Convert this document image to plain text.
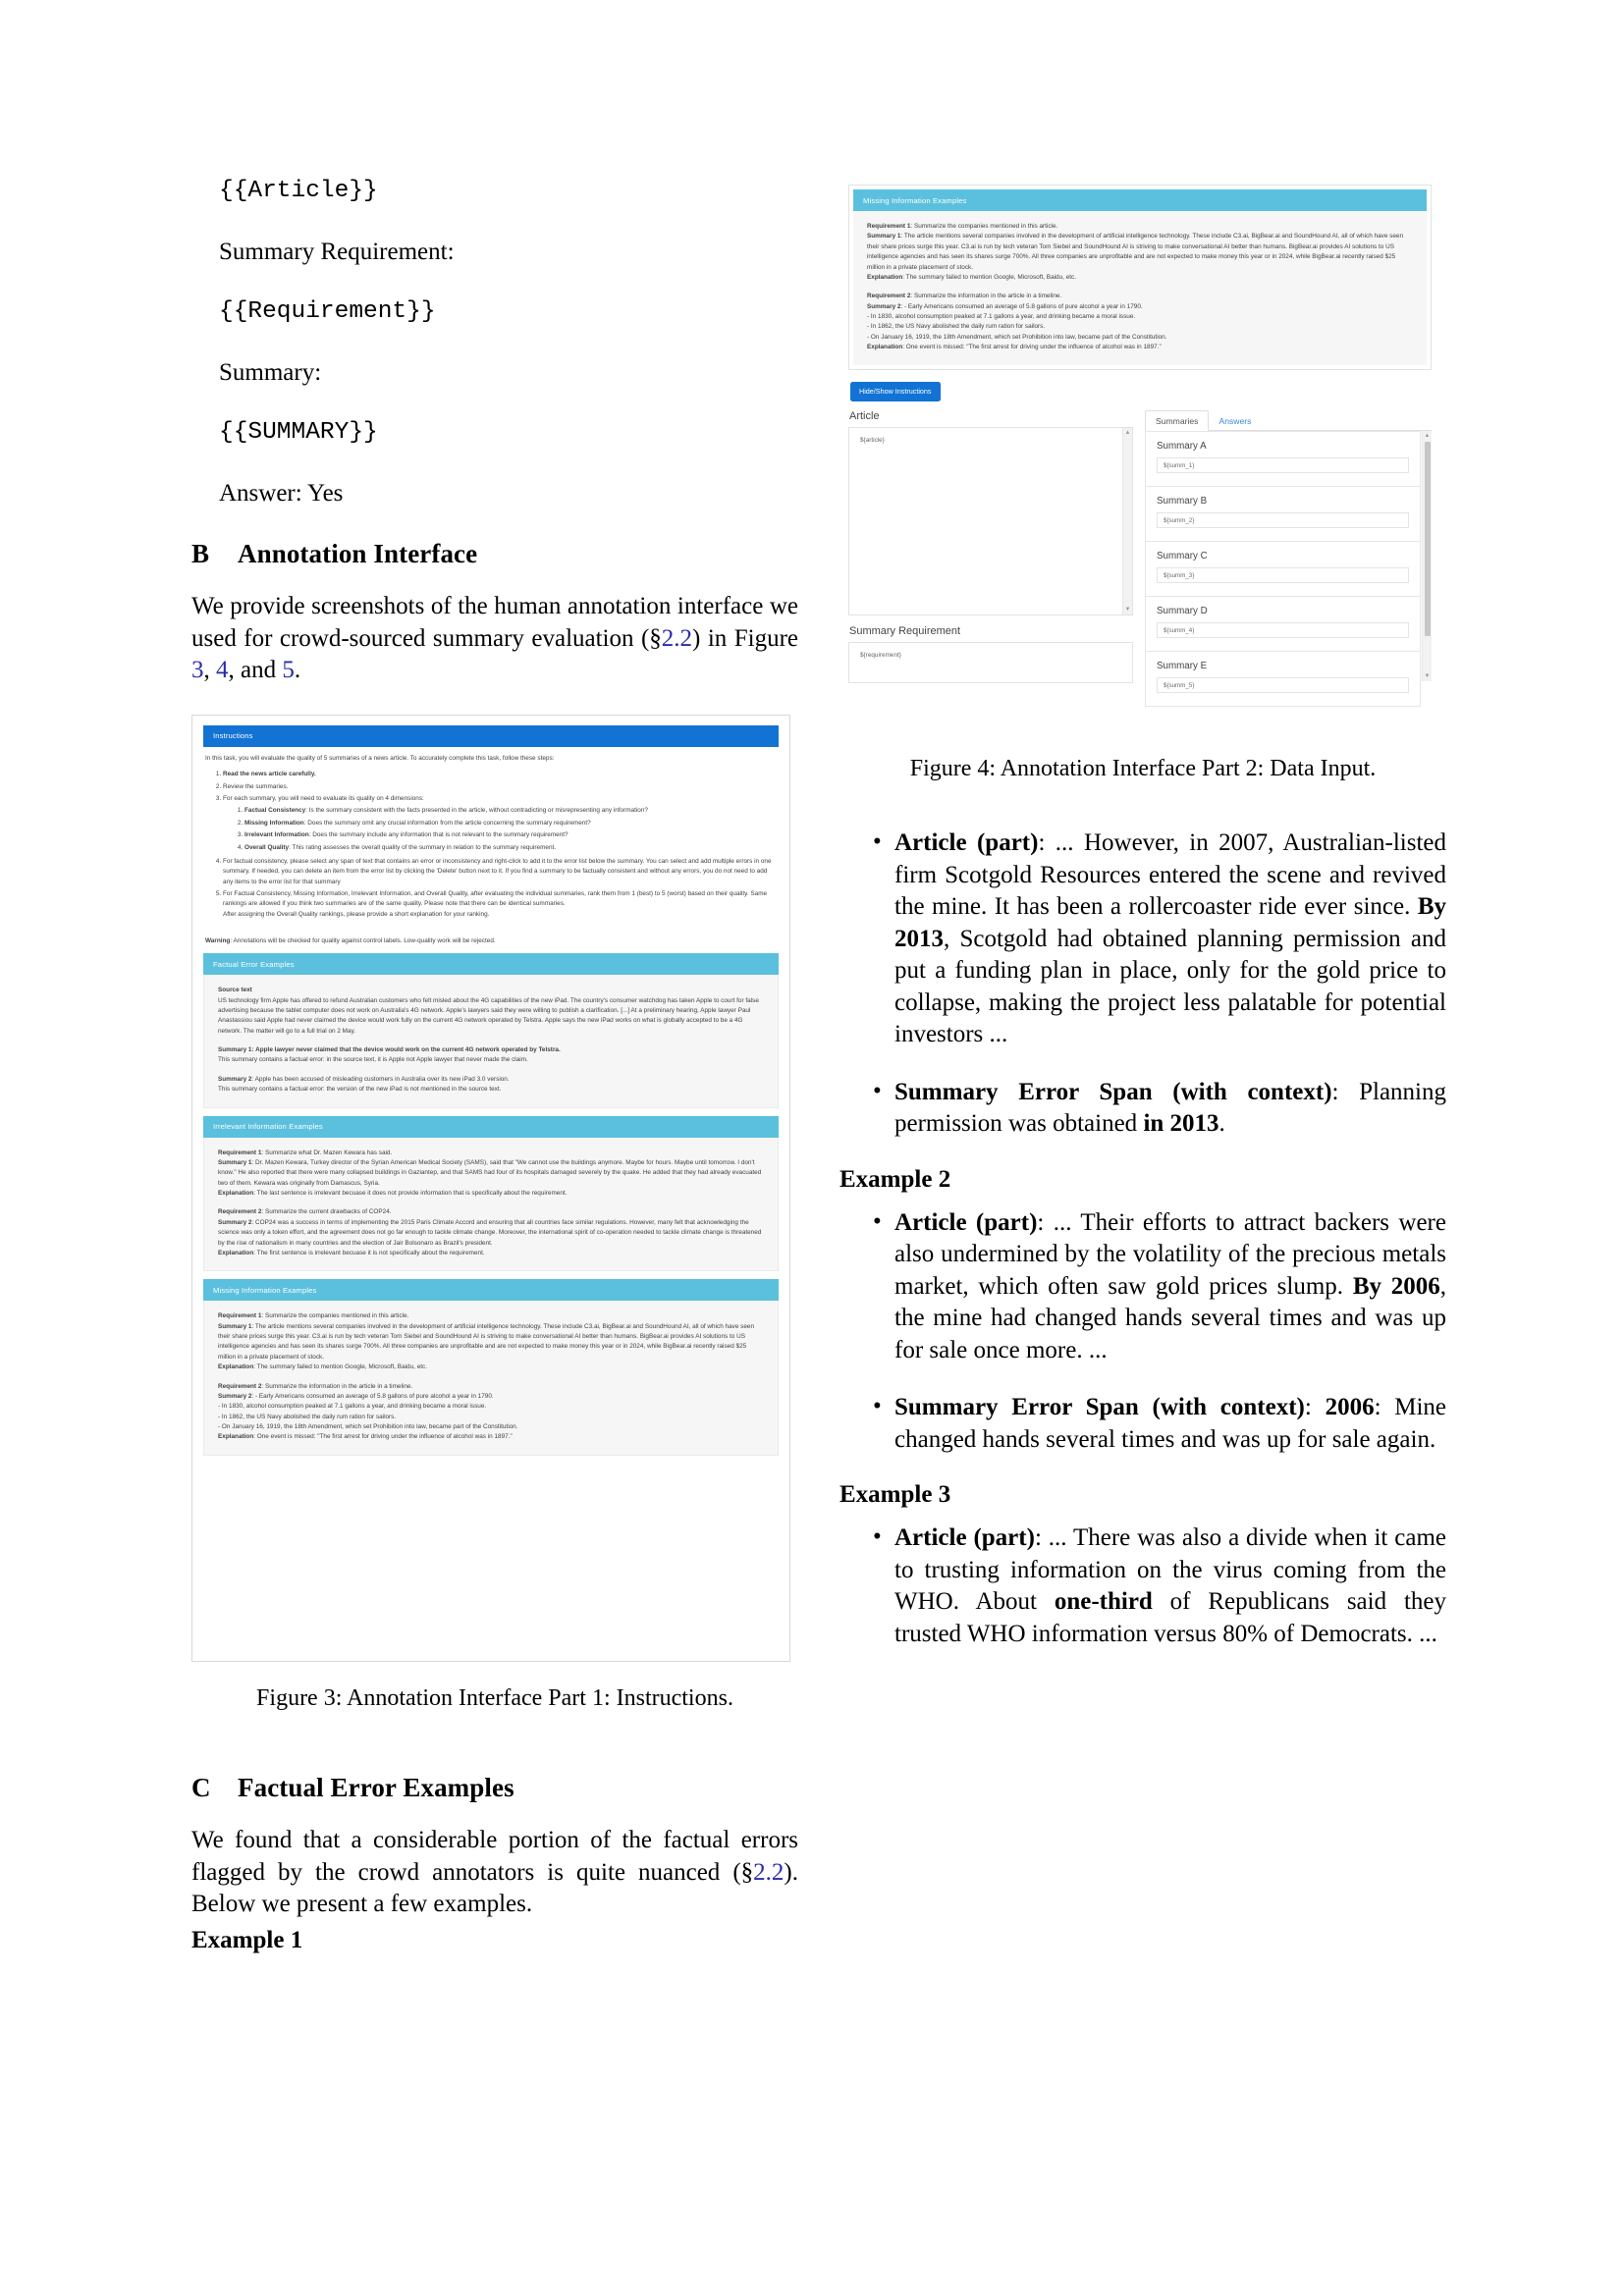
{{Article}}
Summary Requirement:
{{Requirement}}
Summary:
{{SUMMARY}}
Answer: Yes
B Annotation Interface

We provide screenshots of the human annotation interface we used for crowd-sourced summary evaluation (§2.2) in Figure 3, 4, and 5.

Instructions

In this task, you will evaluate the quality of 5 summaries of a news article. To accurately complete this task, follow these steps:

1. Read the news article carefully.
2. Review the summaries.
3. For each summary, you will need to evaluate its quality on 4 dimensions:
1. Factual Consistency: Is the summary consistent with the facts presented in the article, without contradicting or misrepresenting any information?
2. Missing Information: Does the summary omit any crucial information from the article concerning the summary requirement?
3. Irrelevant Information: Does the summary include any information that is not relevant to the summary requirement?
4. Overall Quality: This rating assesses the overall quality of the summary in relation to the summary requirement.
4. For factual consistency, please select any span of text that contains an error or inconsistency and right-click to add it to the error list below the summary. You can select and add multiple errors in one summary. If needed, you can delete an item from the error list by clicking the 'Delete' button next to it. If you find a summary to be factually consistent and without any errors, you do not need to add any items to the error list for that summary
5. For Factual Consistency, Missing Information, Irrelevant Information, and Overall Quality, after evaluating the individual summaries, rank them from 1 (best) to 5 (worst) based on their quality. Same rankings are allowed if you think two summaries are of the same quality. Please note that there can be identical summaries.
After assigning the Overall Quality rankings, please provide a short explanation for your ranking.
Warning: Annotations will be checked for quality against control labels. Low-quality work will be rejected.
Factual Error Examples

Source text

US technology firm Apple has offered to refund Australian customers who felt misled about the 4G capabilities of the new iPad. The country's consumer watchdog has taken Apple to court for false advertising because the tablet computer does not work on Australia's 4G network. Apple's lawyers said they were willing to publish a clarification. [...] At a preliminary hearing, Apple lawyer Paul Anastassiou said Apple had never claimed the device would work fully on the current 4G network operated by Telstra. Apple says the new iPad works on what is globally accepted to be a 4G network. The matter will go to a full trial on 2 May.

Summary 1: Apple lawyer never claimed that the device would work on the current 4G network operated by Telstra.

This summary contains a factual error: in the source text, it is Apple not Apple lawyer that never made the claim.

Summary 2: Apple has been accused of misleading customers in Australia over its new iPad 3.0 version.

This summary contains a factual error: the version of the new iPad is not mentioned in the source text.

Irrelevant Information Examples

Requirement 1: Summarize what Dr. Mazen Kewara has said.

Summary 1: Dr. Mazen Kewara, Turkey director of the Syrian American Medical Society (SAMS), said that "We cannot use the buildings anymore. Maybe for hours. Maybe until tomorrow. I don't know." He also reported that there were many collapsed buildings in Gaziantep, and that SAMS had four of its hospitals damaged severely by the quake. He added that they had already evacuated two of them. Kewara was originally from Damascus, Syria.

Explanation: The last sentence is irrelevant becuase it does not provide information that is specifically about the requirement.

Requirement 2: Summarize the current drawbacks of COP24.

Summary 2: COP24 was a success in terms of implementing the 2015 Paris Climate Accord and ensuring that all countries face similar regulations. However, many felt that acknowledging the science was only a token effort, and the agreement does not go far enough to tackle climate change. Moreover, the international spirit of co-operation needed to tackle climate change is threatened by the rise of nationalism in many countries and the election of Jair Bolsonaro as Brazil's president.

Explanation: The first sentence is irrelevant becuase it is not specifically about the requirement.

Missing Information Examples

Requirement 1: Summarize the companies mentioned in this article.

Summary 1: The article mentions several companies involved in the development of artificial intelligence technology. These include C3.ai, BigBear.ai and SoundHound AI, all of which have seen their share prices surge this year. C3.ai is run by tech veteran Tom Siebel and SoundHound AI is striving to make conversational AI better than humans. BigBear.ai provides AI solutions to US intelligence agencies and has seen its shares surge 700%. All three companies are unprofitable and are not expected to make money this year or in 2024, while BigBear.ai recently raised $25 million in a private placement of stock.

Explanation: The summary failed to mention Google, Microsoft, Baidu, etc.

Requirement 2: Summarize the information in the article in a timeline.

Summary 2: - Early Americans consumed an average of 5.8 gallons of pure alcohol a year in 1790.

- In 1830, alcohol consumption peaked at 7.1 gallons a year, and drinking became a moral issue.

- In 1862, the US Navy abolished the daily rum ration for sailors.

- On January 16, 1919, the 18th Amendment, which set Prohibition into law, became part of the Constitution.

Explanation: One event is missed: "The first arrest for driving under the influence of alcohol was in 1897."

Figure 3: Annotation Interface Part 1: Instructions.
C Factual Error Examples

We found that a considerable portion of the factual errors flagged by the crowd annotators is quite nuanced (§2.2). Below we present a few examples.

Example 1
Missing Information Examples

Requirement 1: Summarize the companies mentioned in this article.

Summary 1: The article mentions several companies involved in the development of artificial intelligence technology. These include C3.ai, BigBear.ai and SoundHound AI, all of which have seen their share prices surge this year. C3.ai is run by tech veteran Tom Siebel and SoundHound AI is striving to make conversational AI better than humans. BigBear.ai provides AI solutions to US intelligence agencies and has seen its shares surge 700%. All three companies are unprofitable and are not expected to make money this year or in 2024, while BigBear.ai recently raised $25 million in a private placement of stock.

Explanation: The summary failed to mention Google, Microsoft, Baidu, etc.

Requirement 2: Summarize the information in the article in a timeline.

Summary 2: - Early Americans consumed an average of 5.8 gallons of pure alcohol a year in 1790.

- In 1830, alcohol consumption peaked at 7.1 gallons a year, and drinking became a moral issue.

- In 1862, the US Navy abolished the daily rum ration for sailors.

- On January 16, 1919, the 18th Amendment, which set Prohibition into law, became part of the Constitution.

Explanation: One event is missed: "The first arrest for driving under the influence of alcohol was in 1897."

Hide/Show Instructions
Article
${article}
▲
▼
Summary Requirement
${requirement}
Summaries	Answers
Summary A
${summ_1}
Summary B
${summ_2}
Summary C
${summ_3}
Summary D
${summ_4}
Summary E
${summ_5}
▲
▼
Figure 4: Annotation Interface Part 2: Data Input.
• Article (part): ... However, in 2007, Australian-listed firm Scotgold Resources entered the scene and revived the mine. It has been a rollercoaster ride ever since. By 2013, Scotgold had obtained planning permission and put a funding plan in place, only for the gold price to collapse, making the project less palatable for potential investors ...
• Summary Error Span (with context): Planning permission was obtained in 2013.
Example 2
• Article (part): ... Their efforts to attract backers were also undermined by the volatility of the precious metals market, which often saw gold prices slump. By 2006, the mine had changed hands several times and was up for sale once more. ...
• Summary Error Span (with context): 2006: Mine changed hands several times and was up for sale again.
Example 3
• Article (part): ... There was also a divide when it came to trusting information on the virus coming from the WHO. About one-third of Republicans said they trusted WHO information versus 80% of Democrats. ...
